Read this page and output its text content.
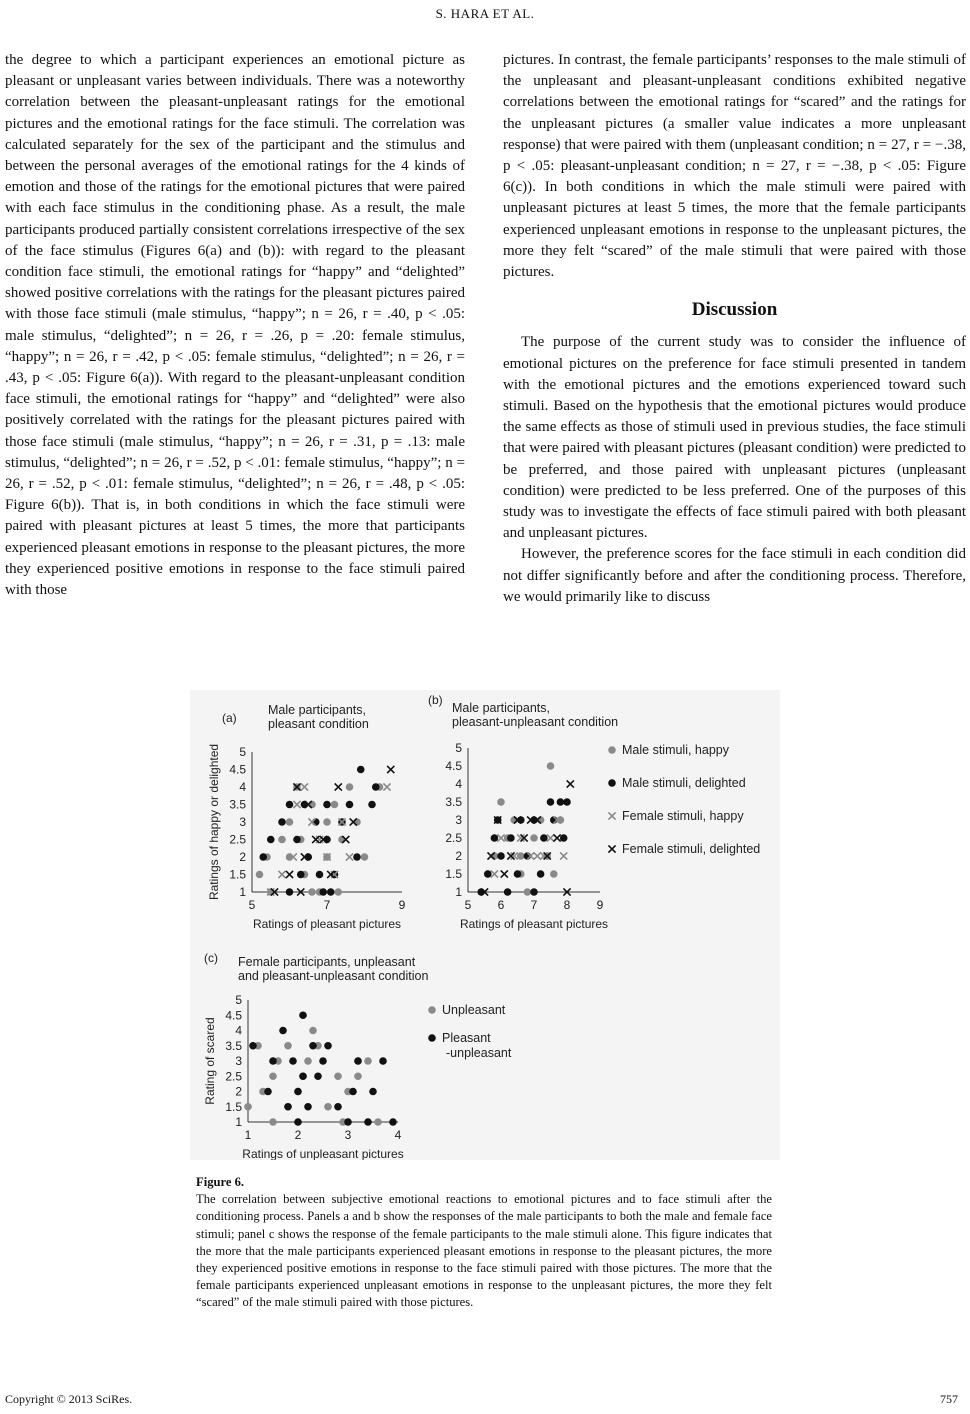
S. HARA ET AL.

the degree to which a participant experiences an emotional picture as pleasant or unpleasant varies between individuals. There was a noteworthy correlation between the pleasant-unpleasant ratings for the emotional pictures and the emotional ratings for the face stimuli. The correlation was calculated separately for the sex of the participant and the stimulus and between the personal averages of the emotional ratings for the 4 kinds of emotion and those of the ratings for the emotional pictures that were paired with each face stimulus in the conditioning phase. As a result, the male participants produced partially consistent correlations irrespective of the sex of the face stimulus (Figures 6(a) and (b)): with regard to the pleasant condition face stimuli, the emotional ratings for “happy” and “delighted” showed positive correlations with the ratings for the pleasant pictures paired with those face stimuli (male stimulus, “happy”; n = 26, r = .40, p < .05: male stimulus, “delighted”; n = 26, r = .26, p = .20: female stimulus, “happy”; n = 26, r = .42, p < .05: female stimulus, “delighted”; n = 26, r = .43, p < .05: Figure 6(a)). With regard to the pleasant-unpleasant condition face stimuli, the emotional ratings for “happy” and “delighted” were also positively correlated with the ratings for the pleasant pictures paired with those face stimuli (male stimulus, “happy”; n = 26, r = .31, p = .13: male stimulus, “delighted”; n = 26, r = .52, p < .01: female stimulus, “happy”; n = 26, r = .52, p < .01: female stimulus, “delighted”; n = 26, r = .48, p < .05: Figure 6(b)). That is, in both conditions in which the face stimuli were paired with pleasant pictures at least 5 times, the more that participants experienced pleasant emotions in response to the pleasant pictures, the more they experienced positive emotions in response to the face stimuli paired with those

pictures. In contrast, the female participants’ responses to the male stimuli of the unpleasant and pleasant-unpleasant conditions exhibited negative correlations between the emotional ratings for “scared” and the ratings for the unpleasant pictures (a smaller value indicates a more unpleasant response) that were paired with them (unpleasant condition; n = 27, r = −.38, p < .05: pleasant-unpleasant condition; n = 27, r = −.38, p < .05: Figure 6(c)). In both conditions in which the male stimuli were paired with unpleasant pictures at least 5 times, the more that the female participants experienced unpleasant emotions in response to the unpleasant pictures, the more they felt “scared” of the male stimuli that were paired with those pictures.

Discussion

The purpose of the current study was to consider the influence of emotional pictures on the preference for face stimuli presented in tandem with the emotional pictures and the emotions experienced toward such stimuli. Based on the hypothesis that the emotional pictures would produce the same effects as those of stimuli used in previous studies, the face stimuli that were paired with pleasant pictures (pleasant condition) were predicted to be preferred, and those paired with unpleasant pictures (unpleasant condition) were predicted to be less preferred. One of the purposes of this study was to investigate the effects of face stimuli paired with both pleasant and unpleasant pictures.

However, the preference scores for the face stimuli in each condition did not differ significantly before and after the conditioning process. Therefore, we would primarily like to discuss

1
1.5
2
2.5
3
3.5
4
4.5
5
5	7	9
Ratings of pleasant pictures
Ratings of happy or delighted
(a)
Male participants,
pleasant condition
1
1.5
2
2.5
3
3.5
4
4.5
5
5 6 7 8 9
Ratings of pleasant pictures
(b)
Male participants,
pleasant-unpleasant condition
Male stimuli, happy
Male stimuli, delighted
Female stimuli, happy
Female stimuli, delighted
1
1.5
2
2.5
3
3.5
4
4.5
5
1	2	3	4
Ratings of unpleasant pictures
Rating of scared
(c) Female participants, unpleasant
and pleasant-unpleasant condition
Unpleasant
Pleasant
-unpleasant
Figure 6.
The correlation between subjective emotional reactions to emotional pictures and to face stimuli after the conditioning process. Panels a and b show the responses of the male participants to both the male and female face stimuli; panel c shows the response of the female participants to the male stimuli alone. This figure indicates that the more that the male participants experienced pleasant emotions in response to the pleasant pictures, the more they experienced positive emotions in response to the face stimuli paired with those pictures. The more that the female participants experienced unpleasant emotions in response to the unpleasant pictures, the more they felt “scared” of the male stimuli paired with those pictures.
Copyright © 2013 SciRes.	757
